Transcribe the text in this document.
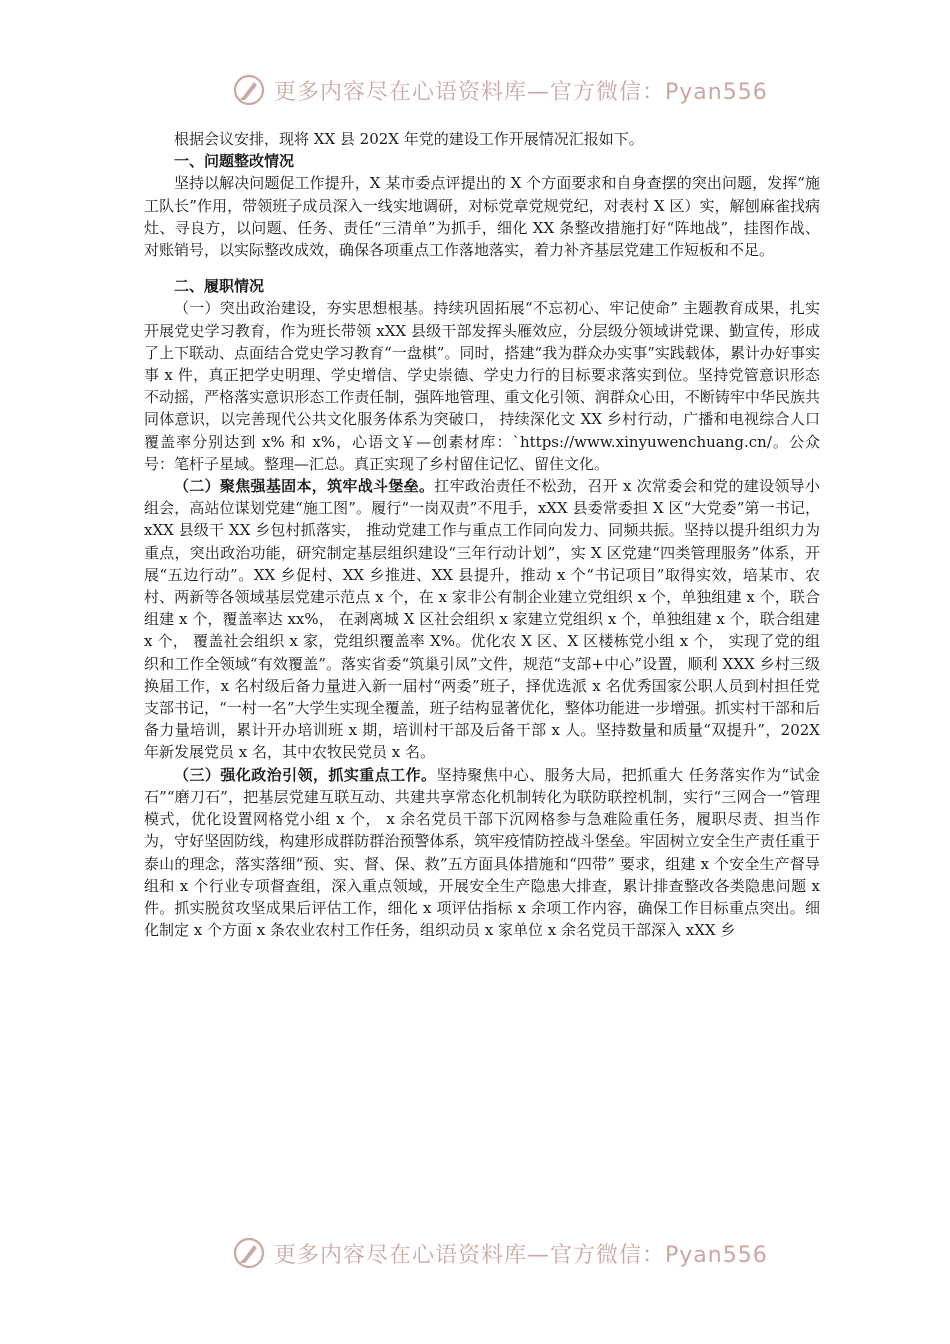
更多内容尽在心语资料库—官方微信：Pyan556

根据会议安排，现将 XX 县 202X 年党的建设工作开展情况汇报如下。

一、问题整改情况

坚持以解决问题促工作提升，X 某市委点评提出的 X 个方面要求和自身查摆的突出问题，发挥“施工队长”作用，带领班子成员深入一线实地调研，对标党章党规党纪，对表村 X 区）实，解刨麻雀找病灶、寻良方，以问题、任务、责任“三清单”为抓手，细化 XX 条整改措施打好“阵地战”，挂图作战、对账销号，以实际整改成效，确保各项重点工作落地落实，着力补齐基层党建工作短板和不足。

二、履职情况

（一）突出政治建设，夯实思想根基。持续巩固拓展“不忘初心、牢记使命” 主题教育成果，扎实开展党史学习教育，作为班长带领 xXX 县级干部发挥头雁效应，分层级分领域讲党课、勤宣传，形成了上下联动、点面结合党史学习教育“一盘棋”。同时，搭建“我为群众办实事”实践载体，累计办好事实事 x 件，真正把学史明理、学史增信、学史崇德、学史力行的目标要求落实到位。坚持党管意识形态不动摇，严格落实意识形态工作责任制，强阵地管理、重文化引领、润群众心田，不断铸牢中华民族共同体意识，以完善现代公共文化服务体系为突破口， 持续深化文 XX 乡村行动，广播和电视综合人口覆盖率分别达到 x% 和 x%，心语文￥—创素材库：`https://www.xinyuwenchuang.cn/。公众号：笔杆子星域。整理—汇总。真正实现了乡村留住记忆、留住文化。

（二）聚焦强基固本，筑牢战斗堡垒。扛牢政治责任不松劲，召开 x 次常委会和党的建设领导小组会，高站位谋划党建“施工图”。履行“一岗双责”不甩手，xXX 县委常委担 X 区“大党委”第一书记，xXX 县级干 XX 乡包村抓落实， 推动党建工作与重点工作同向发力、同频共振。坚持以提升组织力为重点，突出政治功能，研究制定基层组织建设“三年行动计划”，实 X 区党建“四类管理服务”体系，开展“五边行动”。XX 乡促村、XX 乡推进、XX 县提升，推动 x 个“书记项目”取得实效，培某市、农村、两新等各领域基层党建示范点 x 个，在 x 家非公有制企业建立党组织 x 个，单独组建 x 个，联合组建 x 个，覆盖率达 xx%， 在剥离城 X 区社会组织 x 家建立党组织 x 个，单独组建 x 个，联合组建 x 个， 覆盖社会组织 x 家，党组织覆盖率 X%。优化农 X 区、X 区楼栋党小组 x 个， 实现了党的组织和工作全领域“有效覆盖”。落实省委“筑巢引凤”文件，规范“支部+中心”设置，顺利 XXX 乡村三级换届工作，x 名村级后备力量进入新一届村“两委”班子，择优选派 x 名优秀国家公职人员到村担任党支部书记，“一村一名”大学生实现全覆盖，班子结构显著优化，整体功能进一步增强。抓实村干部和后备力量培训，累计开办培训班 x 期，培训村干部及后备干部 x 人。坚持数量和质量“双提升”，202X 年新发展党员 x 名，其中农牧民党员 x 名。

（三）强化政治引领，抓实重点工作。坚持聚焦中心、服务大局，把抓重大 任务落实作为“试金石”“磨刀石”，把基层党建互联互动、共建共享常态化机制转化为联防联控机制，实行“三网合一”管理模式，优化设置网格党小组 x 个， x 余名党员干部下沉网格参与急难险重任务，履职尽责、担当作为，守好坚固防线，构建形成群防群治预警体系，筑牢疫情防控战斗堡垒。牢固树立安全生产责任重于泰山的理念，落实落细“预、实、督、保、救”五方面具体措施和“四带” 要求，组建 x 个安全生产督导组和 x 个行业专项督查组，深入重点领域，开展安全生产隐患大排查，累计排查整改各类隐患问题 x 件。抓实脱贫攻坚成果后评估工作，细化 x 项评估指标 x 余项工作内容，确保工作目标重点突出。细化制定 x 个方面 x 条农业农村工作任务，组织动员 x 家单位 x 余名党员干部深入 xXX 乡

更多内容尽在心语资料库—官方微信：Pyan556
